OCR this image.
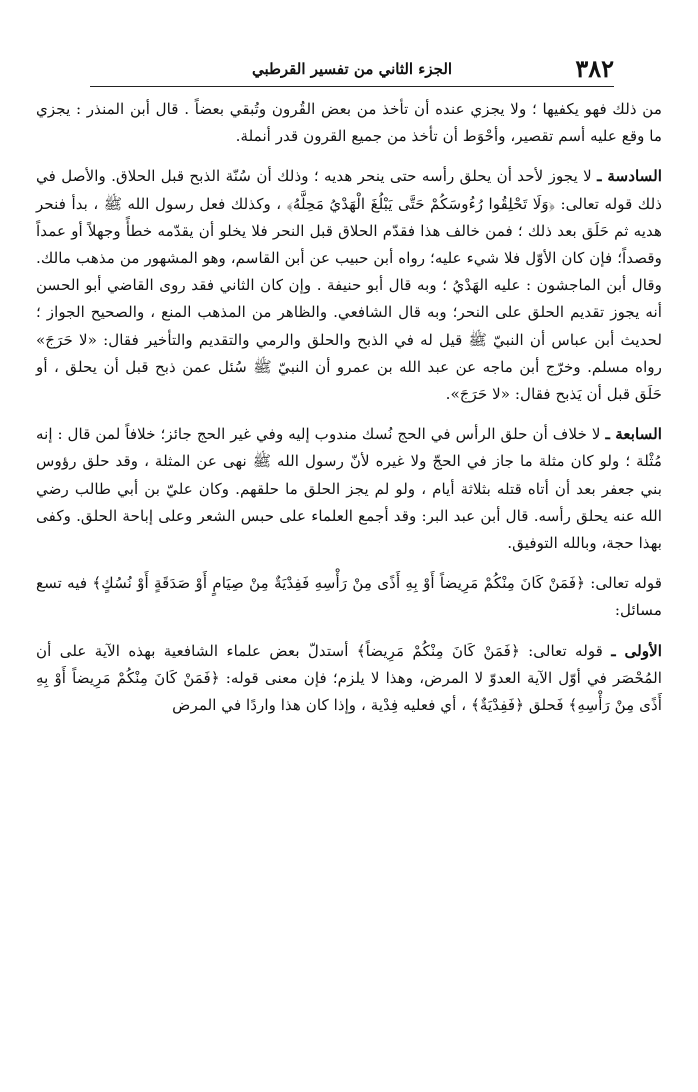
٣٨٢
الجزء الثاني من تفسير القرطبي

من ذلك فهو يكفيها ؛ ولا يجزي عنده أن تأخذ من بعض القُرون وتُبقي بعضاً . قال أبن المنذر : يجزي ما وقع عليه أسم تقصير، وأحْوَط أن تأخذ من جميع القرون قدر أنملة.

السادسة ـ لا يجوز لأحد أن يحلق رأسه حتى ينحر هديه ؛ وذلك أن سُنّة الذبح قبل الحلاق. والأصل في ذلك قوله تعالى: ﴿وَلَا تَحْلِقُوا رُءُوسَكُمْ حَتَّى يَبْلُغَ الْهَدْيُ مَحِلَّهُ﴾ ، وكذلك فعل رسول الله ﷺ ، بدأ فنحر هديه ثم حَلَق بعد ذلك ؛ فمن خالف هذا فقدّم الحلاق قبل النحر فلا يخلو أن يقدّمه خطأً وجهلاً أو عمداً وقصداً؛ فإن كان الأوّل فلا شيء عليه؛ رواه أبن حبيب عن أبن القاسم، وهو المشهور من مذهب مالك. وقال أبن الماجشون : عليه الهَدْيُ ؛ وبه قال أبو حنيفة . وإن كان الثاني فقد روى القاضي أبو الحسن أنه يجوز تقديم الحلق على النحر؛ وبه قال الشافعي. والظاهر من المذهب المنع ، والصحيح الجواز ؛ لحديث أبن عباس أن النبيّ ﷺ قيل له في الذبح والحلق والرمي والتقديم والتأخير فقال: «لا حَرَجَ» رواه مسلم. وخرّج أبن ماجه عن عبد الله بن عمرو أن النبيّ ﷺ سُئل عمن ذبح قبل أن يحلق ، أو حَلَق قبل أن يَذبح فقال: «لا حَرَجَ».

السابعة ـ لا خلاف أن حلق الرأس في الحج نُسك مندوب إليه وفي غير الحج جائز؛ خلافاً لمن قال : إنه مُثْلة ؛ ولو كان مثلة ما جاز في الحجّ ولا غيره لأنّ رسول الله ﷺ نهى عن المثلة ، وقد حلق رؤوس بني جعفر بعد أن أتاه قتله بثلاثة أيام ، ولو لم يجز الحلق ما حلقهم. وكان عليّ بن أبي طالب رضي الله عنه يحلق رأسه. قال أبن عبد البر: وقد أجمع العلماء على حبس الشعر وعلى إباحة الحلق. وكفى بهذا حجة، وبالله التوفيق.

قوله تعالى: ﴿فَمَنْ كَانَ مِنْكُمْ مَرِيضاً أَوْ بِهِ أَذًى مِنْ رَأْسِهِ فَفِدْيَةٌ مِنْ صِيَامٍ أَوْ صَدَقَةٍ أَوْ نُسُكٍ﴾ فيه تسع مسائل:

الأولى ـ قوله تعالى: ﴿فَمَنْ كَانَ مِنْكُمْ مَرِيضاً﴾ أستدلّ بعض علماء الشافعية بهذه الآية على أن المُحْصَر في أوّل الآية العدوّ لا المرض، وهذا لا يلزم؛ فإن معنى قوله: ﴿فَمَنْ كَانَ مِنْكُمْ مَرِيضاً أَوْ بِهِ أَذًى مِنْ رَأْسِهِ﴾ فَحلق ﴿فَفِدْيَةٌ﴾ ، أي فعليه فِدْية ، وإذا كان هذا واردًا في المرض
